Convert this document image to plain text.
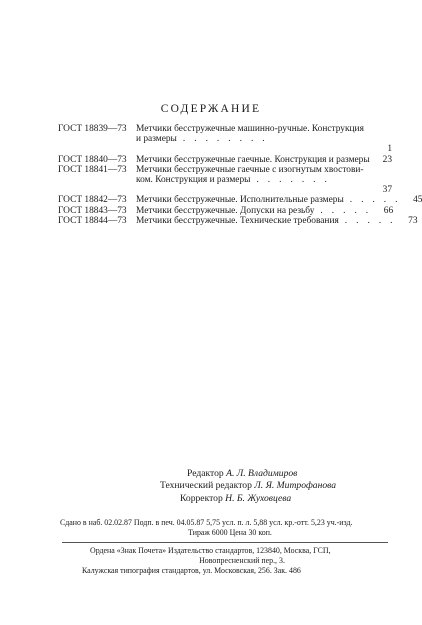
СОДЕРЖАНИЕ
ГОСТ 18839—73 Метчики бесстружечные машинно-ручные. Конструкция
и размеры ........
1
ГОСТ 18840—73 Метчики бесстружечные гаечные. Конструкция и размеры 23
ГОСТ 18841—73 Метчики бесстружечные гаечные с изогнутым хвостови-
ком. Конструкция и размеры .......
37
ГОСТ 18842—73 Метчики бесстружечные. Исполнительные размеры ..... 45
ГОСТ 18843—73 Метчики бесстружечные. Допуски на резьбу ..... 66
ГОСТ 18844—73 Метчики бесстружечные. Технические требования ..... 73
Редактор А. Л. Владимиров
Технический редактор Л. Я. Митрофанова
Корректор Н. Б. Жуховцева
Сдано в наб. 02.02.87 Подп. в печ. 04.05.87 5,75 усл. п. л. 5,88 усл. кр.-отт. 5,23 уч.-изд.
Тираж 6000 Цена 30 коп.
Ордена «Знак Почета» Издательство стандартов, 123840, Москва, ГСП,
Новопресненский пер., 3.
Калужская типография стандартов, ул. Московская, 256. Зак. 486
